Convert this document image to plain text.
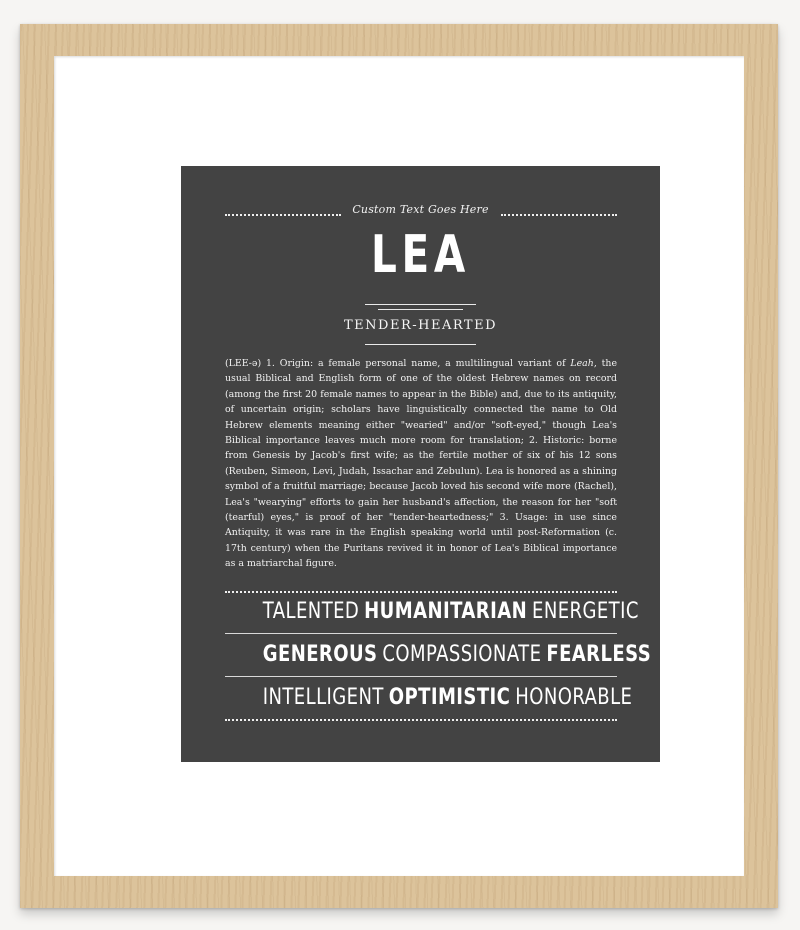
Custom Text Goes Here
LEA
TENDER-HEARTED
(LEE-ə) 1. Origin: a female personal name, a multilingual variant of Leah, the usual Biblical and English form of one of the oldest Hebrew names on record (among the first 20 female names to appear in the Bible) and, due to its antiquity, of uncertain origin; scholars have linguistically connected the name to Old Hebrew elements meaning either "wearied" and/or "soft-eyed," though Lea's Biblical importance leaves much more room for translation; 2. Historic: borne from Genesis by Jacob's first wife; as the fertile mother of six of his 12 sons (Reuben, Simeon, Levi, Judah, Issachar and Zebulun). Lea is honored as a shining symbol of a fruitful marriage; because Jacob loved his second wife more (Rachel), Lea's "wearying" efforts to gain her husband's affection, the reason for her "soft (tearful) eyes," is proof of her "tender-heartedness;" 3. Usage: in use since Antiquity, it was rare in the English speaking world until post-Reformation (c. 17th century) when the Puritans revived it in honor of Lea's Biblical importance as a matriarchal figure.
TALENTED HUMANITARIAN ENERGETIC
GENEROUS COMPASSIONATE FEARLESS
INTELLIGENT OPTIMISTIC HONORABLE
